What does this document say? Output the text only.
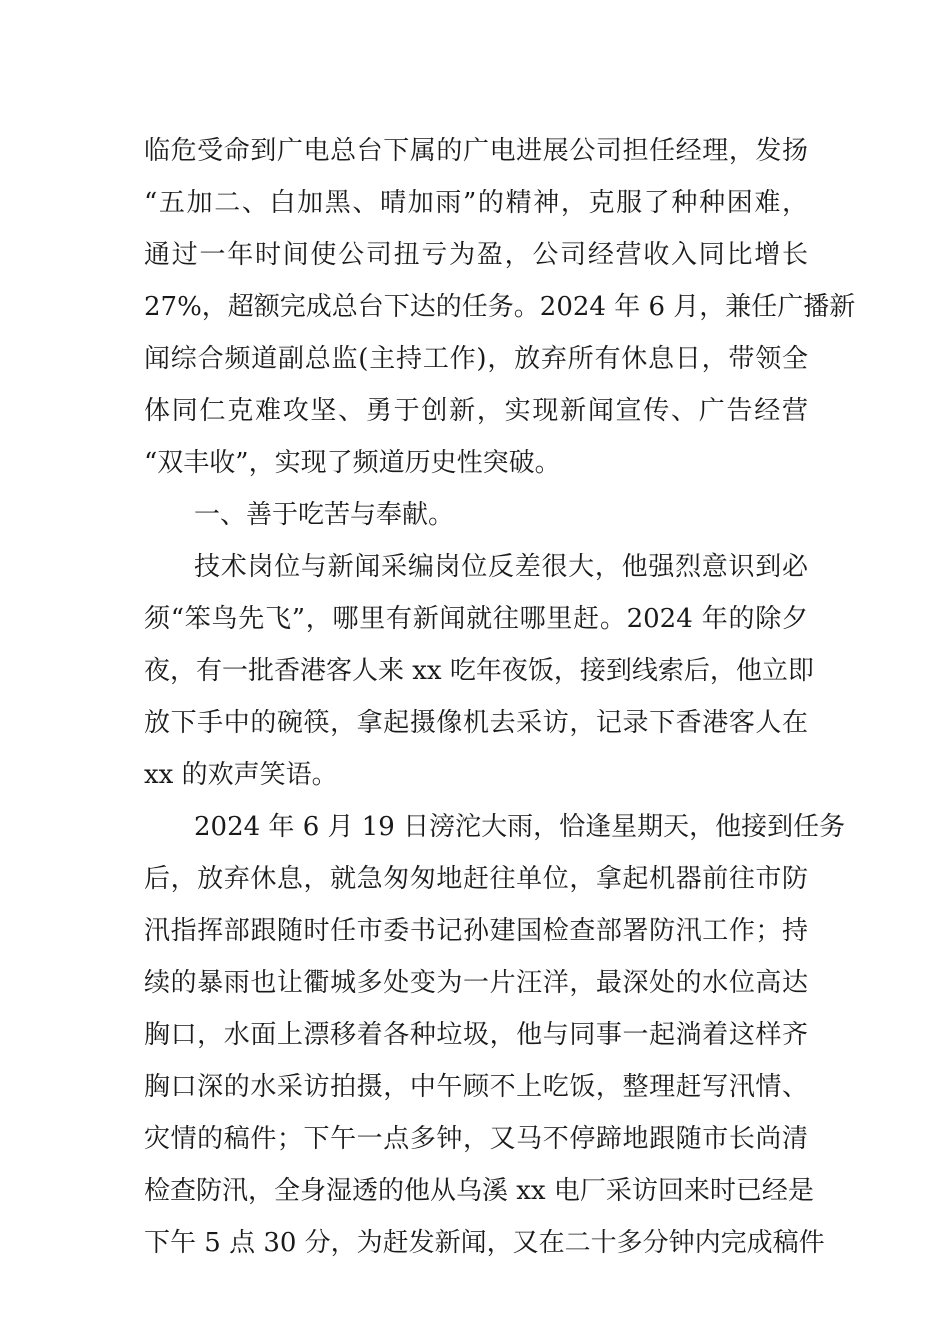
临危受命到广电总台下属的广电进展公司担任经理，发扬
“五加二、白加黑、晴加雨”的精神，克服了种种困难，
通过一年时间使公司扭亏为盈，公司经营收入同比增长
27%，超额完成总台下达的任务。2024 年 6 月，兼任广播新
闻综合频道副总监(主持工作)，放弃所有休息日，带领全
体同仁克难攻坚、勇于创新，实现新闻宣传、广告经营
“双丰收”，实现了频道历史性突破。
一、善于吃苦与奉献。
技术岗位与新闻采编岗位反差很大，他强烈意识到必
须“笨鸟先飞”，哪里有新闻就往哪里赶。2024 年的除夕
夜，有一批香港客人来 xx 吃年夜饭，接到线索后，他立即
放下手中的碗筷，拿起摄像机去采访，记录下香港客人在
xx 的欢声笑语。
2024 年 6 月 19 日滂沱大雨，恰逢星期天，他接到任务
后，放弃休息，就急匆匆地赶往单位，拿起机器前往市防
汛指挥部跟随时任市委书记孙建国检查部署防汛工作；持
续的暴雨也让衢城多处变为一片汪洋，最深处的水位高达
胸口，水面上漂移着各种垃圾，他与同事一起淌着这样齐
胸口深的水采访拍摄，中午顾不上吃饭，整理赶写汛情、
灾情的稿件；下午一点多钟，又马不停蹄地跟随市长尚清
检查防汛，全身湿透的他从乌溪 xx 电厂采访回来时已经是
下午 5 点 30 分，为赶发新闻，又在二十多分钟内完成稿件
